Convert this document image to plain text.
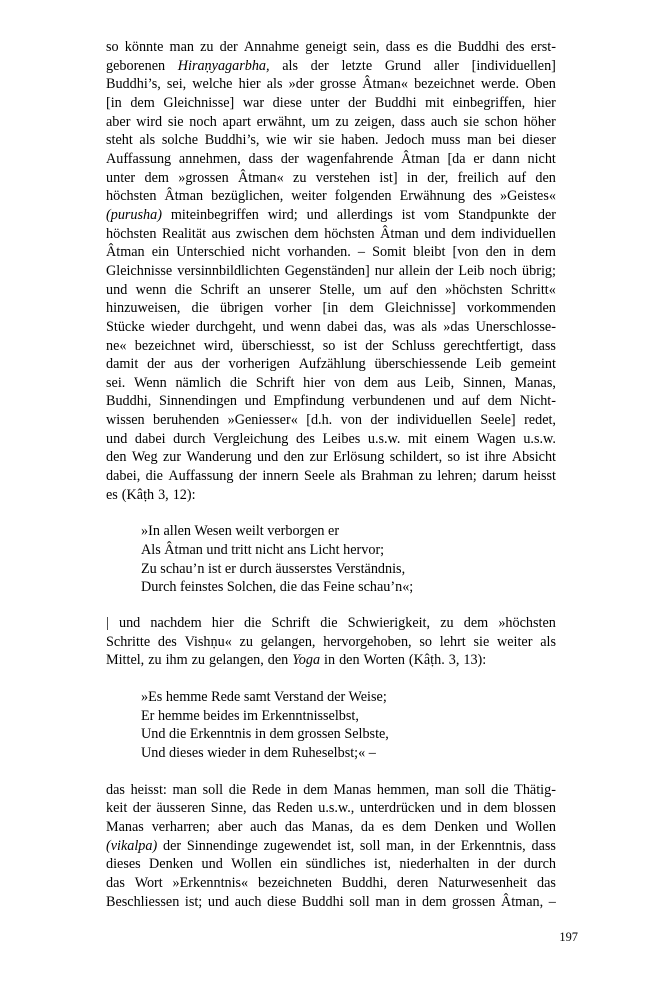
so könnte man zu der Annahme geneigt sein, dass es die Buddhi des erst-
geborenen Hiraṇyagarbha, als der letzte Grund aller [individuellen]
Buddhi’s, sei, welche hier als »der grosse Âtman« bezeichnet werde. Oben
[in dem Gleichnisse] war diese unter der Buddhi mit einbegriffen, hier
aber wird sie noch apart erwähnt, um zu zeigen, dass auch sie schon höher
steht als solche Buddhi’s, wie wir sie haben. Jedoch muss man bei dieser
Auffassung annehmen, dass der wagenfahrende Âtman [da er dann nicht
unter dem »grossen Âtman« zu verstehen ist] in der, freilich auf den
höchsten Âtman bezüglichen, weiter folgenden Erwähnung des »Geistes«
(purusha) miteinbegriffen wird; und allerdings ist vom Standpunkte der
höchsten Realität aus zwischen dem höchsten Âtman und dem individuellen
Âtman ein Unterschied nicht vorhanden. – Somit bleibt [von den in dem
Gleichnisse versinnbildlichten Gegenständen] nur allein der Leib noch übrig;
und wenn die Schrift an unserer Stelle, um auf den »höchsten Schritt«
hinzuweisen, die übrigen vorher [in dem Gleichnisse] vorkommenden
Stücke wieder durchgeht, und wenn dabei das, was als »das Unerschlosse-
ne« bezeichnet wird, überschiesst, so ist der Schluss gerechtfertigt, dass
damit der aus der vorherigen Aufzählung überschiessende Leib gemeint
sei. Wenn nämlich die Schrift hier von dem aus Leib, Sinnen, Manas,
Buddhi, Sinnendingen und Empfindung verbundenen und auf dem Nicht-
wissen beruhenden »Geniesser« [d.h. von der individuellen Seele] redet,
und dabei durch Vergleichung des Leibes u.s.w. mit einem Wagen u.s.w.
den Weg zur Wanderung und den zur Erlösung schildert, so ist ihre Absicht
dabei, die Auffassung der innern Seele als Brahman zu lehren; darum heisst
es (Kâṭh 3, 12):
»In allen Wesen weilt verborgen er
Als Âtman und tritt nicht ans Licht hervor;
Zu schau’n ist er durch äusserstes Verständnis,
Durch feinstes Solchen, die das Feine schau’n«;
| und nachdem hier die Schrift die Schwierigkeit, zu dem »höchsten
Schritte des Vishṇu« zu gelangen, hervorgehoben, so lehrt sie weiter als
Mittel, zu ihm zu gelangen, den Yoga in den Worten (Kâṭh. 3, 13):
»Es hemme Rede samt Verstand der Weise;
Er hemme beides im Erkenntnisselbst,
Und die Erkenntnis in dem grossen Selbste,
Und dieses wieder in dem Ruheselbst;« –
das heisst: man soll die Rede in dem Manas hemmen, man soll die Thätig-
keit der äusseren Sinne, das Reden u.s.w., unterdrücken und in dem blossen
Manas verharren; aber auch das Manas, da es dem Denken und Wollen
(vikalpa) der Sinnendinge zugewendet ist, soll man, in der Erkenntnis, dass
dieses Denken und Wollen ein sündliches ist, niederhalten in der durch
das Wort »Erkenntnis« bezeichneten Buddhi, deren Naturwesenheit das
Beschliessen ist; und auch diese Buddhi soll man in dem grossen Âtman, –
197
